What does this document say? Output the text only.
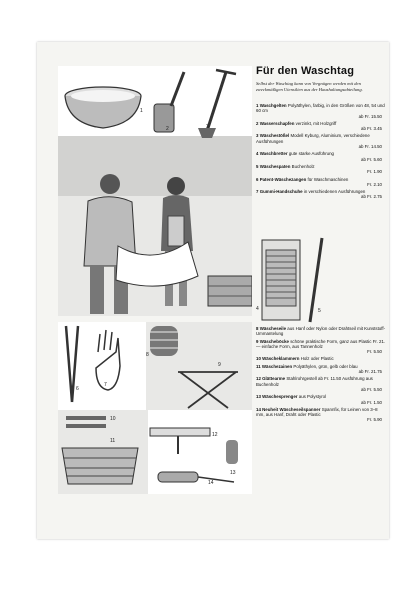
1
2	3
4	5
6
7
8
9
10
11
12
13
14
Für den Waschtag
Selbst der Waschtag kann von Vergnügen werden mit den zweckmäßigen Utensilien aus der Haushaltungsabteilung.
1 Waschgelten Polyäthylen, farbig, in den Größen von 48, 54 und 60 cm
ab Fr. 15.50
2 Wasserschapfen verzinkt, mit Holzgriff
ab Fr. 3.45
3 Wäschestößel Modell Kyburg, Aluminium, verschiedene Ausführungen
ab Fr. 14.50
4 Waschbretter gute starke Ausführung
ab Fr. 5.60
5 Wäschespaten Buchenholz
Fr. 1.90
6 Patent-Wäschezangen für Waschmaschinen
Fr. 2.10
7 Gummi-Handschuhe in verschiedenen Ausführungen
ab Fr. 2.75
8 Wäscheseile aus Hanf oder Nylon oder Drahtseil mit Kunststoff-Ummantelung
9 Wäscheböcke schöne praktische Form, ganz aus Plastic Fr. 21.— einfache Form, aus Tannenholz
Fr. 5.50
10 Wäscheklammern Holz oder Plastic
11 Wäschezainen Polyäthylen, grün, gelb oder blau
ab Fr. 21.75
12 Glättearme Stahlrohrgestell ab Fr. 11.50 Ausführung aus Buchenholz
ab Fr. 5.50
13 Wäschesprenger aus Polystyrol
ab Fr. 1.50
14 Neuheit Wäscheseilspanner Spannfix, für Leinen von 3–8 mm, aus Hanf, Draht oder Plastic
Fr. 5.90
